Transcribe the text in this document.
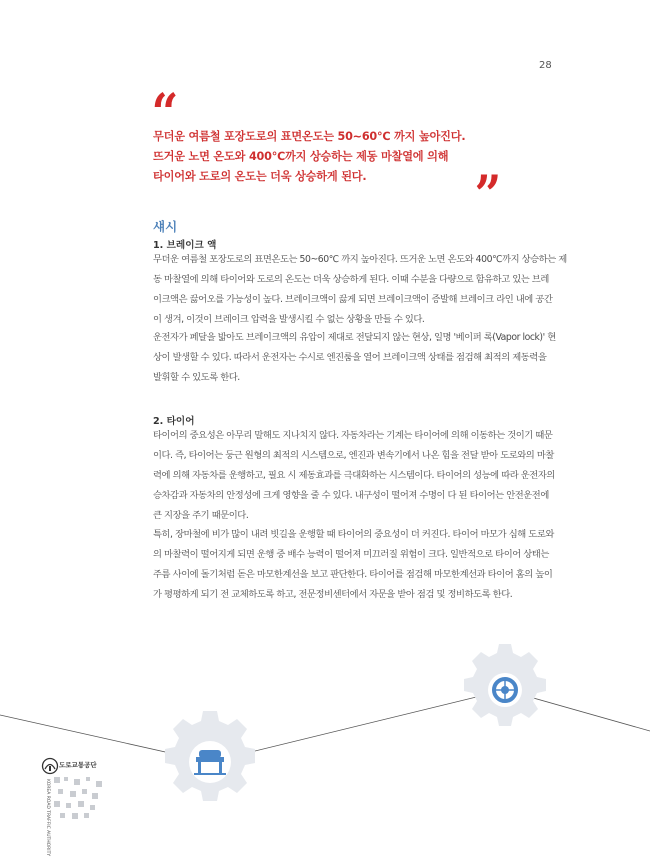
28
“
무더운 여름철 포장도로의 표면온도는 50~60℃ 까지 높아진다.
뜨거운 노면 온도와 400℃까지 상승하는 제동 마찰열에 의해
타이어와 도로의 온도는 더욱 상승하게 된다. ”
섀시
1. 브레이크 액
무더운 여름철 포장도로의 표면온도는 50~60℃ 까지 높아진다. 뜨거운 노면 온도와 400℃까지 상승하는 제
동 마찰열에 의해 타이어와 도로의 온도는 더욱 상승하게 된다. 이때 수분을 다량으로 함유하고 있는 브레
이크액은 끓어오를 가능성이 높다. 브레이크액이 끓게 되면 브레이크액이 증발해 브레이크 라인 내에 공간
이 생겨, 이것이 브레이크 압력을 발생시킬 수 없는 상황을 만들 수 있다.
운전자가 페달을 밟아도 브레이크액의 유압이 제대로 전달되지 않는 현상, 일명 '베이퍼 록(Vapor lock)' 현
상이 발생할 수 있다. 따라서 운전자는 수시로 엔진룸을 열어 브레이크액 상태를 점검해 최적의 제동력을
발휘할 수 있도록 한다.
2. 타이어
타이어의 중요성은 아무리 말해도 지나치지 않다. 자동차라는 기계는 타이어에 의해 이동하는 것이기 때문
이다. 즉, 타이어는 둥근 원형의 최적의 시스템으로, 엔진과 변속기에서 나온 힘을 전달 받아 도로와의 마찰
력에 의해 자동차를 운행하고, 필요 시 제동효과를 극대화하는 시스템이다. 타이어의 성능에 따라 운전자의
승차감과 자동차의 안정성에 크게 영향을 줄 수 있다. 내구성이 떨어져 수명이 다 된 타이어는 안전운전에
큰 지장을 주기 때문이다.
특히, 장마철에 비가 많이 내려 빗길을 운행할 때 타이어의 중요성이 더 커진다. 타이어 마모가 심해 도로와
의 마찰력이 떨어지게 되면 운행 중 배수 능력이 떨어져 미끄러질 위험이 크다. 일반적으로 타이어 상태는
주름 사이에 돌기처럼 돋은 마모한계선을 보고 판단한다. 타이어를 점검해 마모한계선과 타이어 홈의 높이
가 평평하게 되기 전 교체하도록 하고, 전문정비센터에서 자문을 받아 점검 및 정비하도록 한다.
도로교통공단
KOREA ROAD TRAFFIC AUTHORITY
